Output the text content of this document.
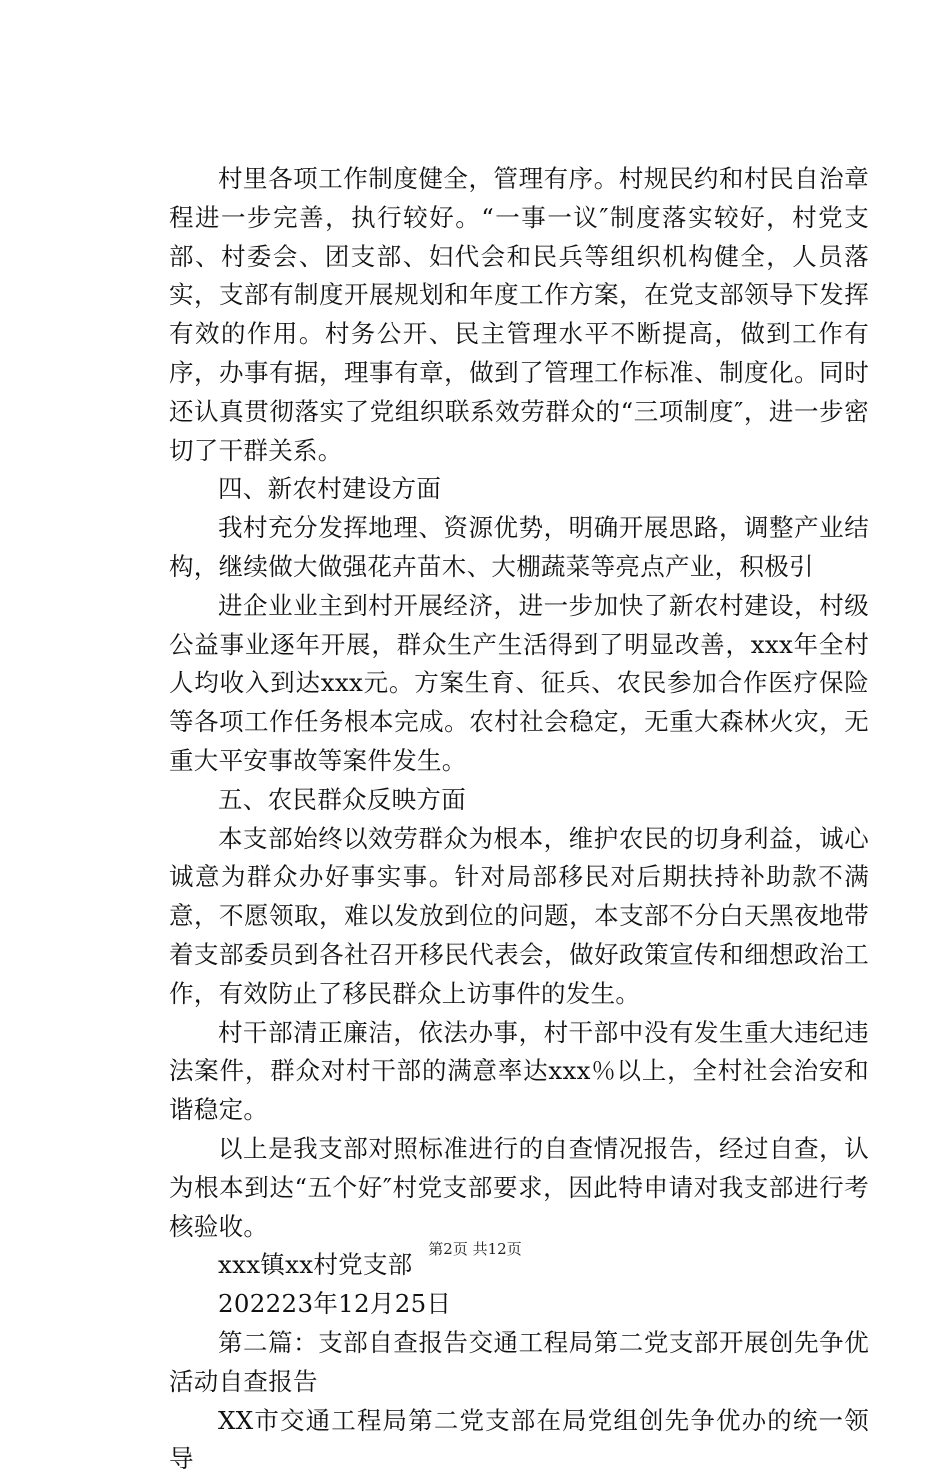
村里各项工作制度健全，管理有序。村规民约和村民自治章程进一步完善，执行较好。“一事一议″制度落实较好，村党支部、村委会、团支部、妇代会和民兵等组织机构健全，人员落实，支部有制度开展规划和年度工作方案，在党支部领导下发挥有效的作用。村务公开、民主管理水平不断提高，做到工作有序，办事有据，理事有章，做到了管理工作标准、制度化。同时还认真贯彻落实了党组织联系效劳群众的“三项制度″，进一步密切了干群关系。

四、新农村建设方面

我村充分发挥地理、资源优势，明确开展思路，调整产业结构，继续做大做强花卉苗木、大棚蔬菜等亮点产业，积极引

进企业业主到村开展经济，进一步加快了新农村建设，村级公益事业逐年开展，群众生产生活得到了明显改善，xxx年全村人均收入到达xxx元。方案生育、征兵、农民参加合作医疗保险等各项工作任务根本完成。农村社会稳定，无重大森林火灾，无重大平安事故等案件发生。

五、农民群众反映方面

本支部始终以效劳群众为根本，维护农民的切身利益，诚心诚意为群众办好事实事。针对局部移民对后期扶持补助款不满意，不愿领取，难以发放到位的问题，本支部不分白天黑夜地带着支部委员到各社召开移民代表会，做好政策宣传和细想政治工作，有效防止了移民群众上访事件的发生。

村干部清正廉洁，依法办事，村干部中没有发生重大违纪违法案件，群众对村干部的满意率达xxx％以上，全村社会治安和谐稳定。

以上是我支部对照标准进行的自查情况报告，经过自查，认为根本到达“五个好″村党支部要求，因此特申请对我支部进行考核验收。

xxx镇xx村党支部

202223年12月25日

第二篇：支部自查报告交通工程局第二党支部开展创先争优活动自查报告

XX市交通工程局第二党支部在局党组创先争优办的统一领导

第2页 共12页
